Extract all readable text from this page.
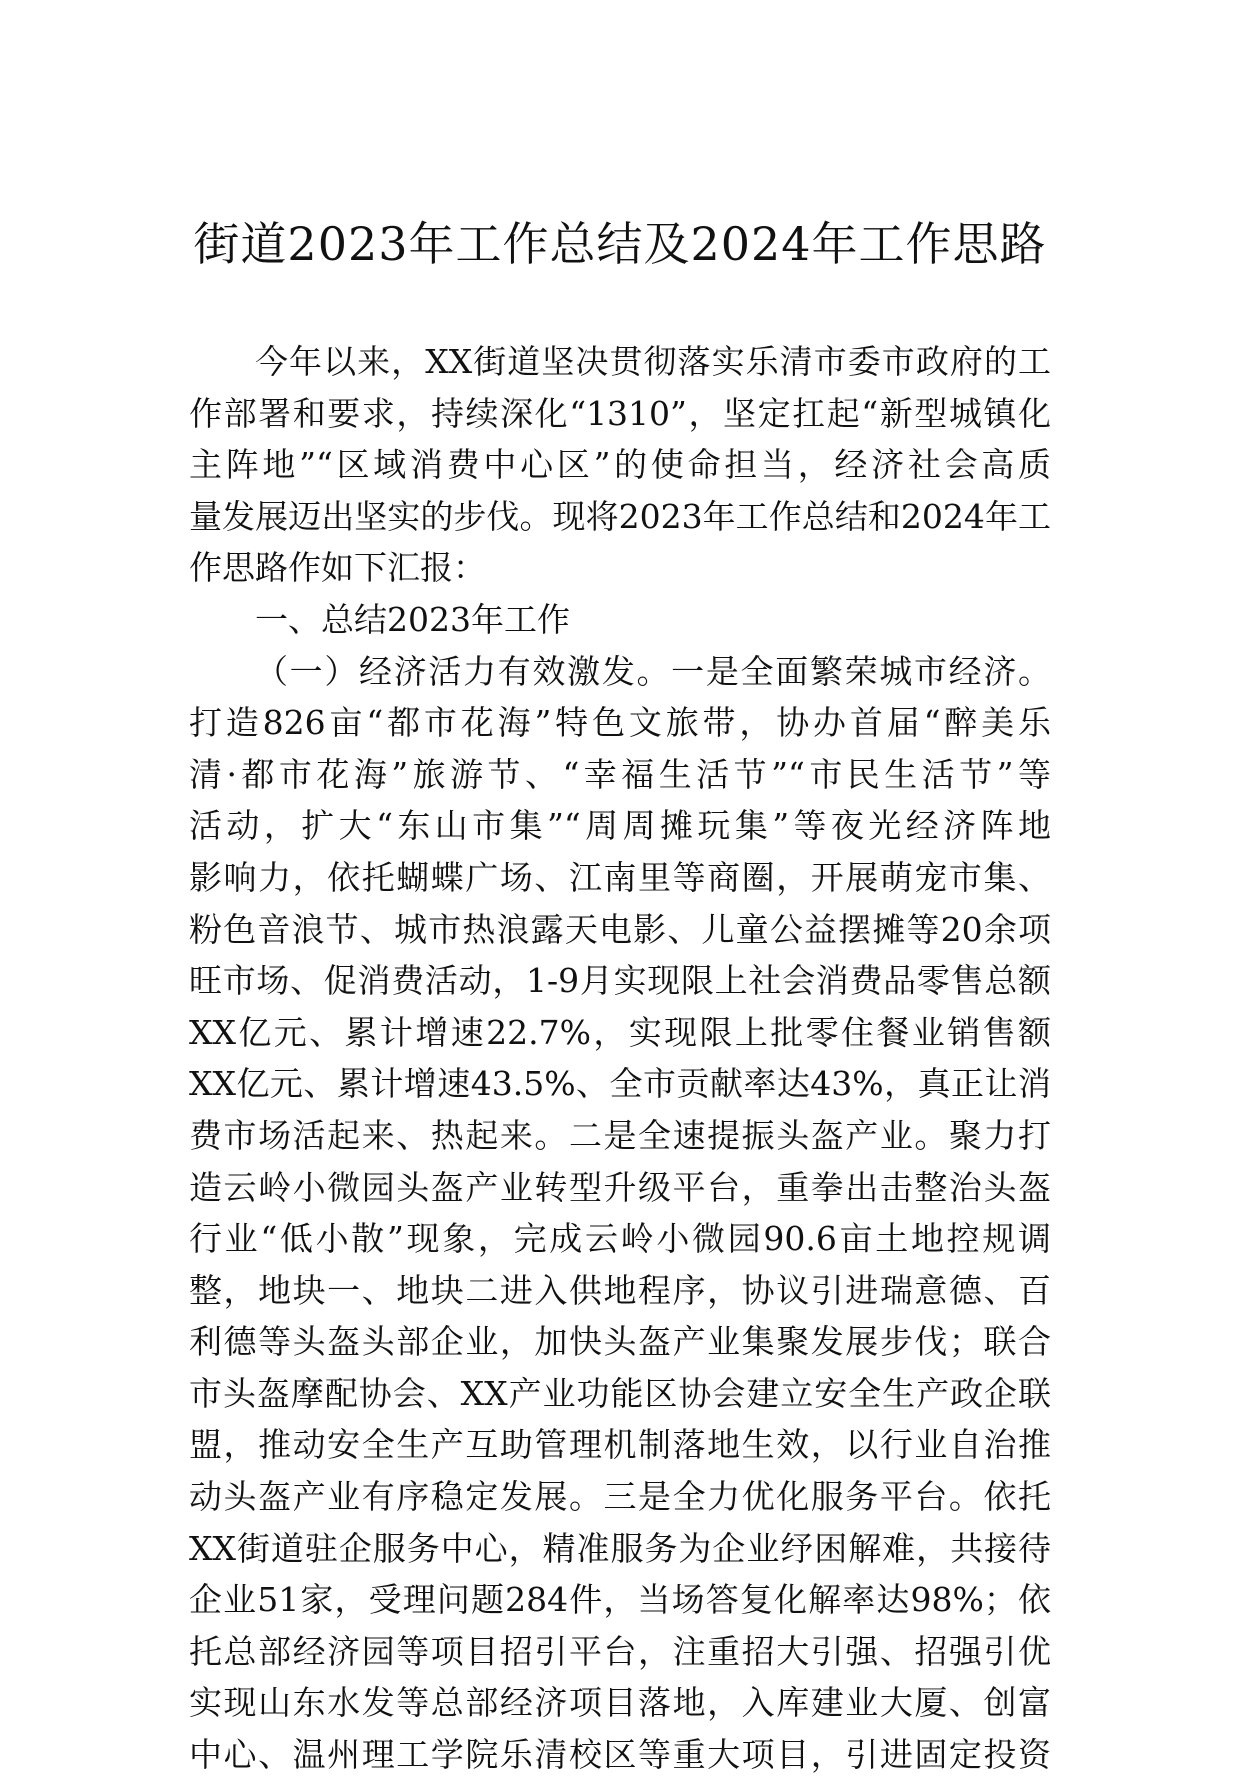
街道2023年工作总结及2024年工作思路
今年以来，XX街道坚决贯彻落实乐清市委市政府的工
作部署和要求，持续深化“1310”，坚定扛起“新型城镇化
主阵地”“区域消费中心区”的使命担当，经济社会高质
量发展迈出坚实的步伐。现将2023年工作总结和2024年工
作思路作如下汇报：
一、总结2023年工作
（一）经济活力有效激发。一是全面繁荣城市经济。
打造826亩“都市花海”特色文旅带，协办首届“醉美乐
清·都市花海”旅游节、“幸福生活节”“市民生活节”等
活动，扩大“东山市集”“周周摊玩集”等夜光经济阵地
影响力，依托蝴蝶广场、江南里等商圈，开展萌宠市集、
粉色音浪节、城市热浪露天电影、儿童公益摆摊等20余项
旺市场、促消费活动，1-9月实现限上社会消费品零售总额
XX亿元、累计增速22.7%，实现限上批零住餐业销售额
XX亿元、累计增速43.5%、全市贡献率达43%，真正让消
费市场活起来、热起来。二是全速提振头盔产业。聚力打
造云岭小微园头盔产业转型升级平台，重拳出击整治头盔
行业“低小散”现象，完成云岭小微园90.6亩土地控规调
整，地块一、地块二进入供地程序，协议引进瑞意德、百
利德等头盔头部企业，加快头盔产业集聚发展步伐；联合
市头盔摩配协会、XX产业功能区协会建立安全生产政企联
盟，推动安全生产互助管理机制落地生效，以行业自治推
动头盔产业有序稳定发展。三是全力优化服务平台。依托
XX街道驻企服务中心，精准服务为企业纾困解难，共接待
企业51家，受理问题284件，当场答复化解率达98%；依
托总部经济园等项目招引平台，注重招大引强、招强引优
实现山东水发等总部经济项目落地，入库建业大厦、创富
中心、温州理工学院乐清校区等重大项目，引进固定投资
